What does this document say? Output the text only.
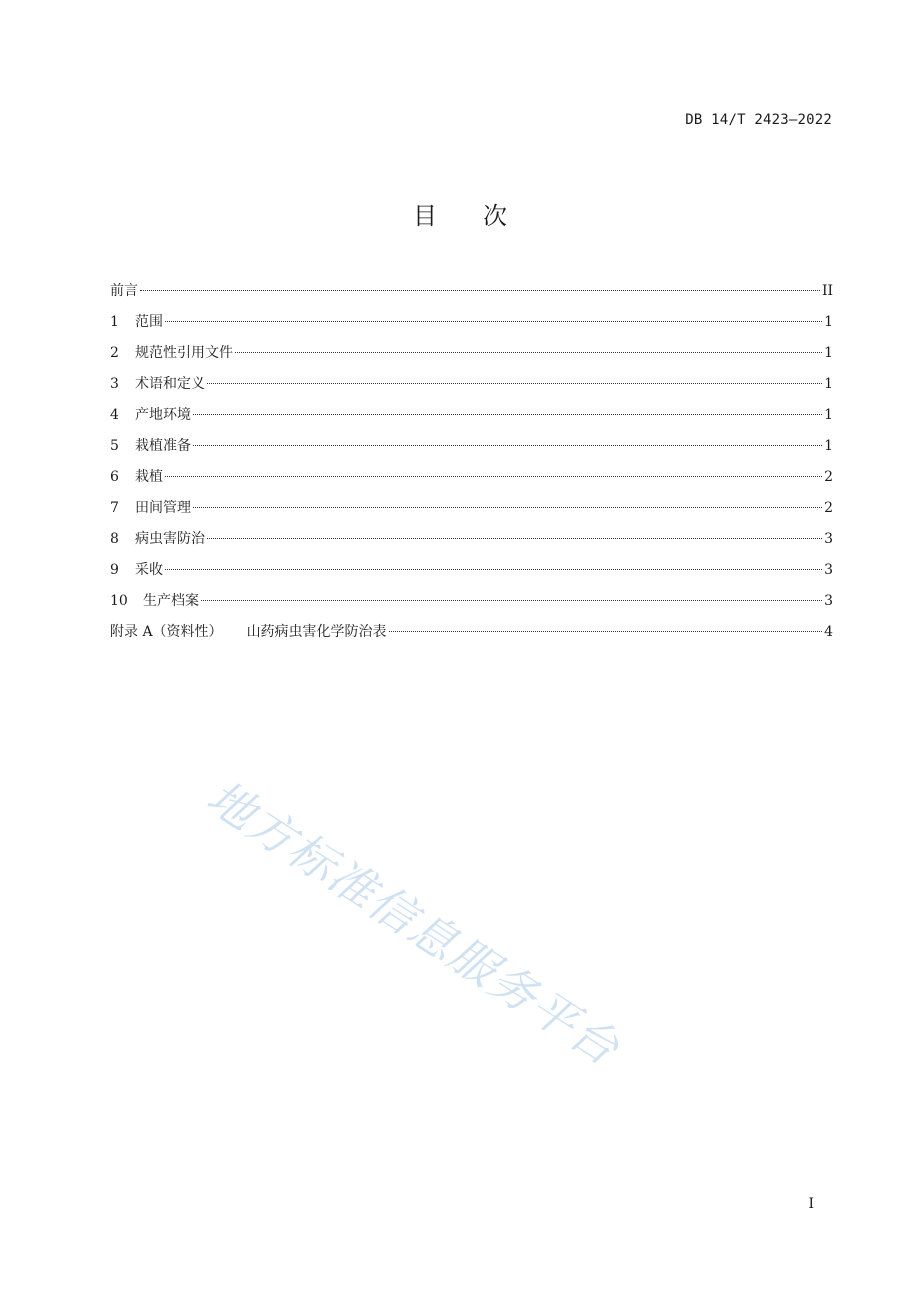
DB 14/T 2423—2022
目 次
前言	II
1	范围	1
2	规范性引用文件	1
3	术语和定义	1
4	产地环境	1
5	栽植准备	1
6	栽植	2
7	田间管理	2
8	病虫害防治	3
9	采收	3
10	生产档案	3
附录 A（资料性） 山药病虫害化学防治表	4
地方标准信息服务平台
I
